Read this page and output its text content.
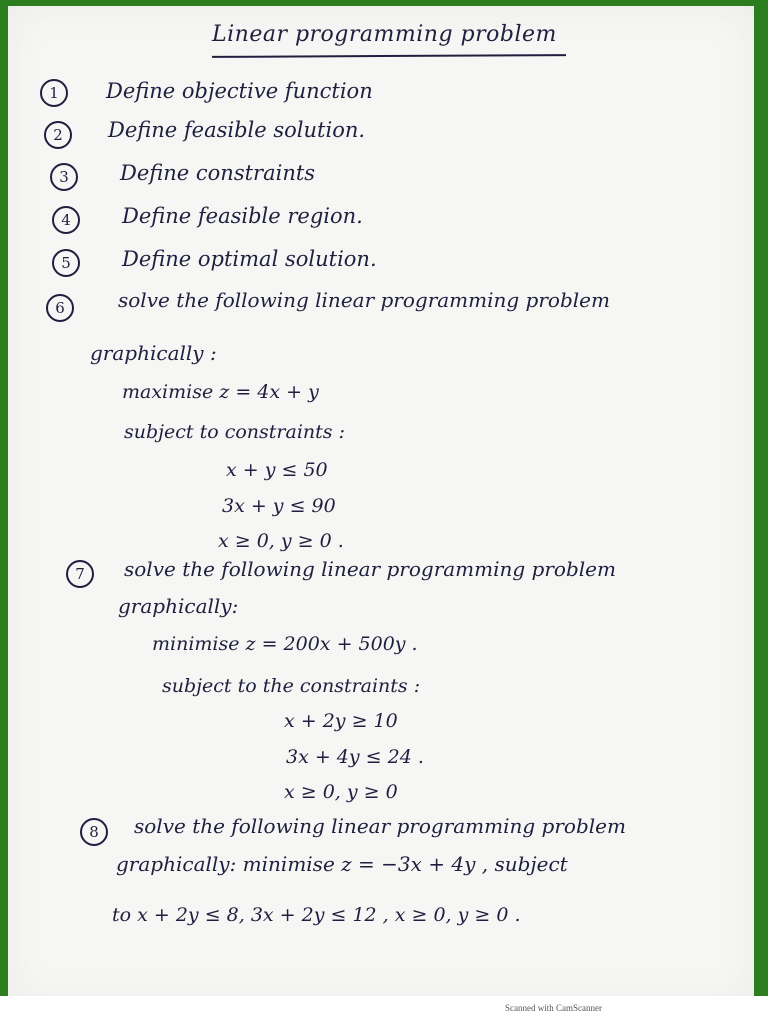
Linear programming problem
1	Define objective function
2	Define feasible solution.
3	Define constraints
4	Define feasible region.
5	Define optimal solution.
6	solve the following linear programming problem
graphically :
maximise z = 4x + y
subject to constraints :
x + y ≤ 50
3x + y ≤ 90
x ≥ 0, y ≥ 0 .
7	solve the following linear programming problem
graphically:
minimise z = 200x + 500y .
subject to the constraints :
x + 2y ≥ 10
3x + 4y ≤ 24 .
x ≥ 0, y ≥ 0
8	solve the following linear programming problem
graphically: minimise z = −3x + 4y , subject
to x + 2y ≤ 8, 3x + 2y ≤ 12 , x ≥ 0, y ≥ 0 .
Scanned with CamScanner
